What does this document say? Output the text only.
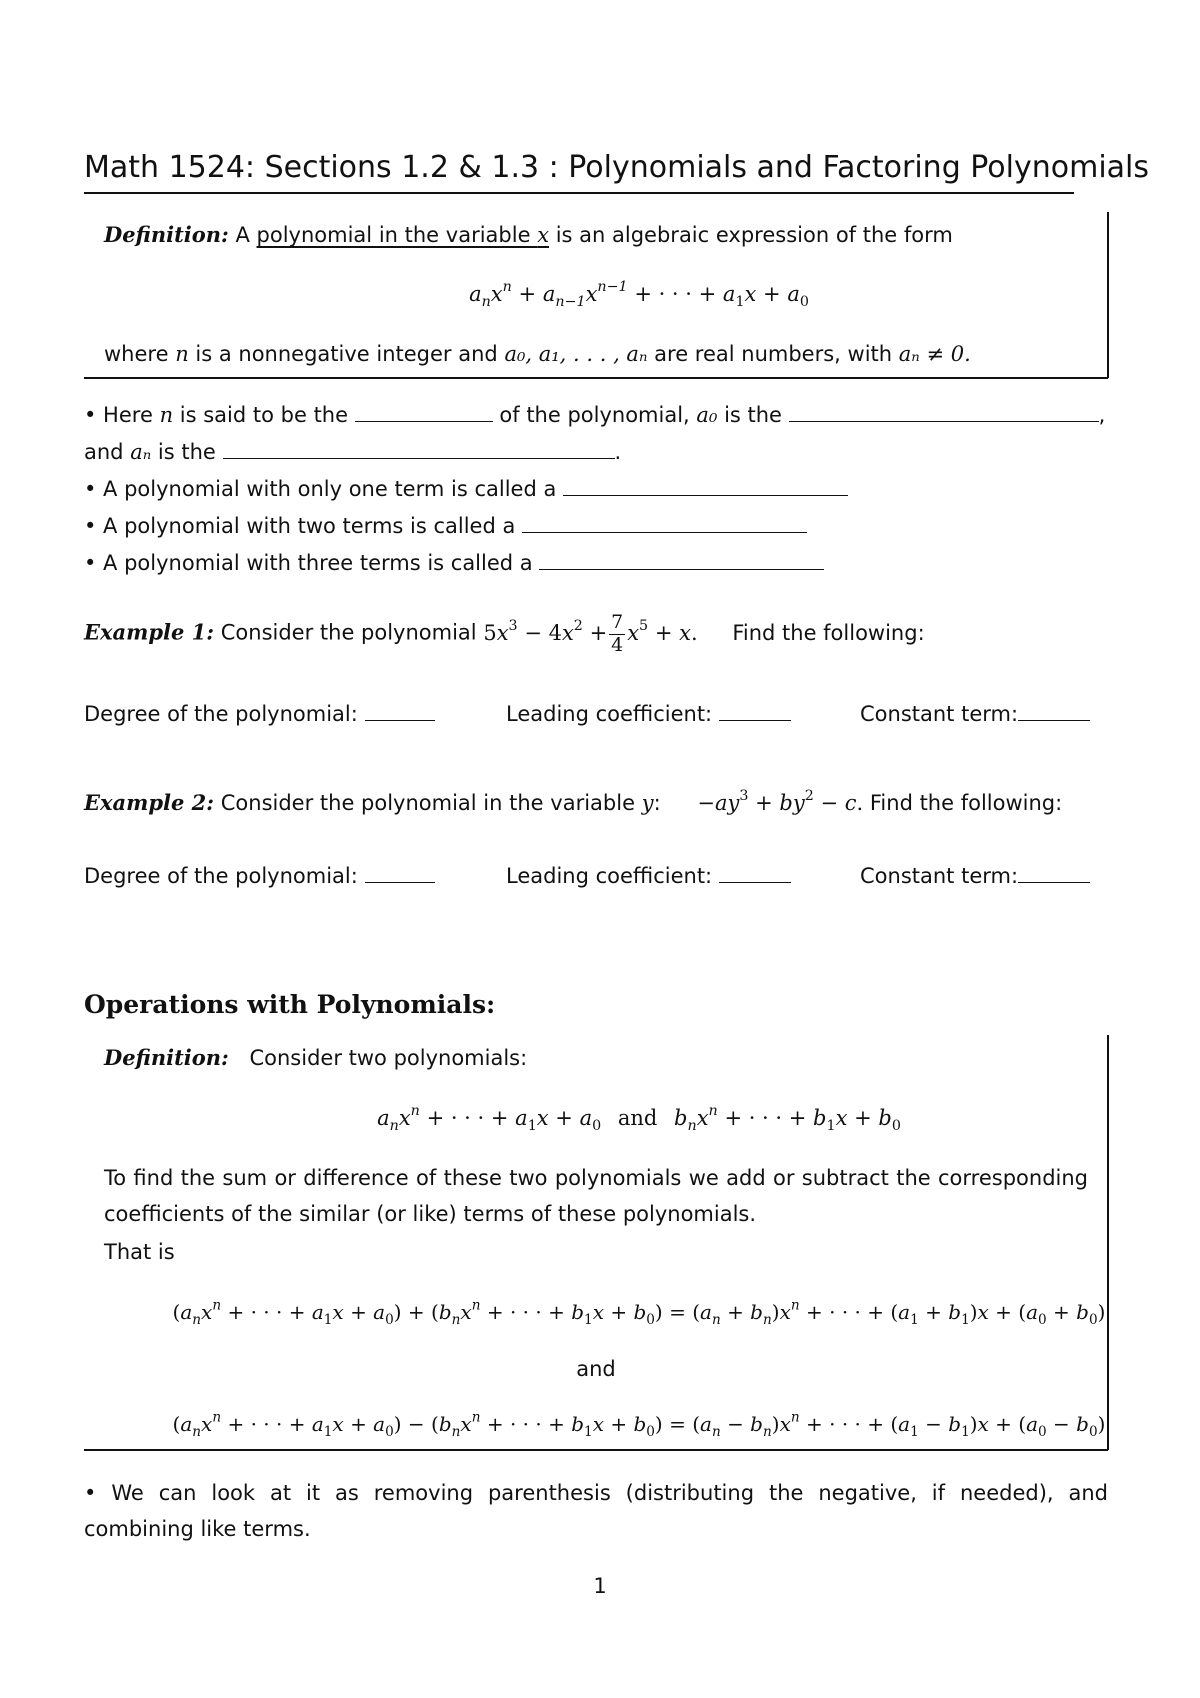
Math 1524: Sections 1.2 & 1.3 : Polynomials and Factoring Polynomials
Definition: A polynomial in the variable x is an algebraic expression of the form
$a_nx^n + a_{n-1}x^{n-1}$ + · · · + $a_1x + a_0$
where n is a nonnegative integer and a₀, a₁, . . . , aₙ are real numbers, with aₙ ≠ 0.
• Here n is said to be the	of the polynomial, a₀ is the	,
and aₙ is the	.
• A polynomial with only one term is called a
• A polynomial with two terms is called a
• A polynomial with three terms is called a
Example 1: Consider the polynomial $5x^3 - 4x^2 + \frac{7}{4} x^5 + x$. Find the following:
Degree of the polynomial:	Leading coefficient:	Constant term:
Example 2: Consider the polynomial in the variable y: $-ay^3 + by^2 - c$. Find the following:
Degree of the polynomial:	Leading coefficient:	Constant term:
Operations with Polynomials:
Definition: Consider two polynomials:
$a_nx^n$ + · · · + $a_1x + a_0$ and $b_nx^n$ + · · · + $b_1x + b_0$
To find the sum or difference of these two polynomials we add or subtract the corresponding coefficients of the similar (or like) terms of these polynomials.
That is
($a_nx^n$ + · · · + $a_1x + a_0) + (b_nx^n$ + · · · + $b_1x + b_0) = (a_n + b_n)x^n$ + · · · + $(a_1 + b_1)x + (a_0 + b_0)$
and
($a_nx^n$ + · · · + $a_1x + a_0) - (b_nx^n$ + · · · + $b_1x + b_0) = (a_n - b_n)x^n$ + · · · + $(a_1 - b_1)x + (a_0 - b_0)$
• We can look at it as removing parenthesis (distributing the negative, if needed), and combining like terms.
1
